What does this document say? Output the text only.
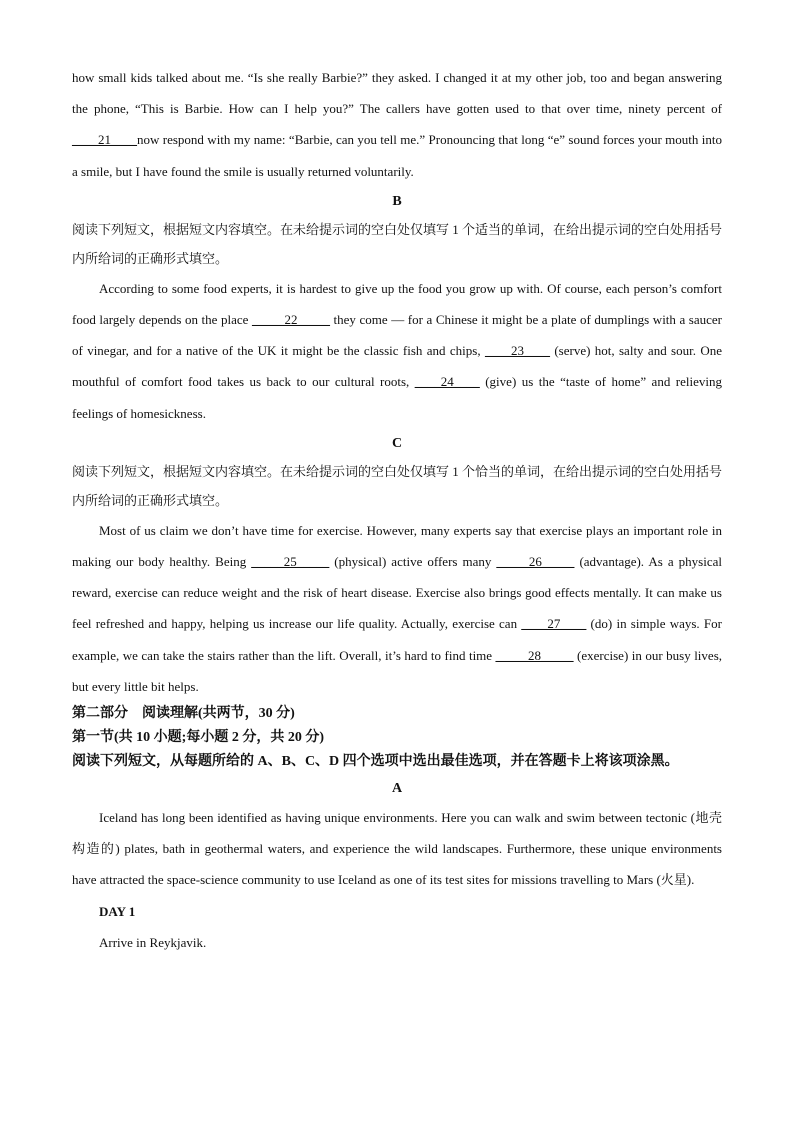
how small kids talked about me. “Is she really Barbie?” they asked. I changed it at my other job, too and began answering the phone, “This is Barbie. How can I help you?” The callers have gotten used to that over time, ninety percent of ____21____now respond with my name: “Barbie, can you tell me.” Pronouncing that long “e” sound forces your mouth into a smile, but I have found the smile is usually returned voluntarily.

B

阅读下列短文，根据短文内容填空。在未给提示词的空白处仅填写 1 个适当的单词，在给出提示词的空白处用括号内所给词的正确形式填空。

According to some food experts, it is hardest to give up the food you grow up with. Of course, each person’s comfort food largely depends on the place _____22_____ they come — for a Chinese it might be a plate of dumplings with a saucer of vinegar, and for a native of the UK it might be the classic fish and chips, ____23____ (serve) hot, salty and sour. One mouthful of comfort food takes us back to our cultural roots, ____24____ (give) us the “taste of home” and relieving feelings of homesickness.

C

阅读下列短文，根据短文内容填空。在未给提示词的空白处仅填写 1 个恰当的单词，在给出提示词的空白处用括号内所给词的正确形式填空。

Most of us claim we don’t have time for exercise. However, many experts say that exercise plays an important role in making our body healthy. Being _____25_____ (physical) active offers many _____26_____ (advantage). As a physical reward, exercise can reduce weight and the risk of heart disease. Exercise also brings good effects mentally. It can make us feel refreshed and happy, helping us increase our life quality. Actually, exercise can ____27____ (do) in simple ways. For example, we can take the stairs rather than the lift. Overall, it’s hard to find time _____28_____ (exercise) in our busy lives, but every little bit helps.

第二部分　阅读理解(共两节，30 分)

第一节(共 10 小题;每小题 2 分，共 20 分)

阅读下列短文，从每题所给的 A、B、C、D 四个选项中选出最佳选项，并在答题卡上将该项涂黑。

A

Iceland has long been identified as having unique environments. Here you can walk and swim between tectonic (地壳构造的) plates, bath in geothermal waters, and experience the wild landscapes. Furthermore, these unique environments have attracted the space-science community to use Iceland as one of its test sites for missions travelling to Mars (火星).

DAY 1

Arrive in Reykjavik.
